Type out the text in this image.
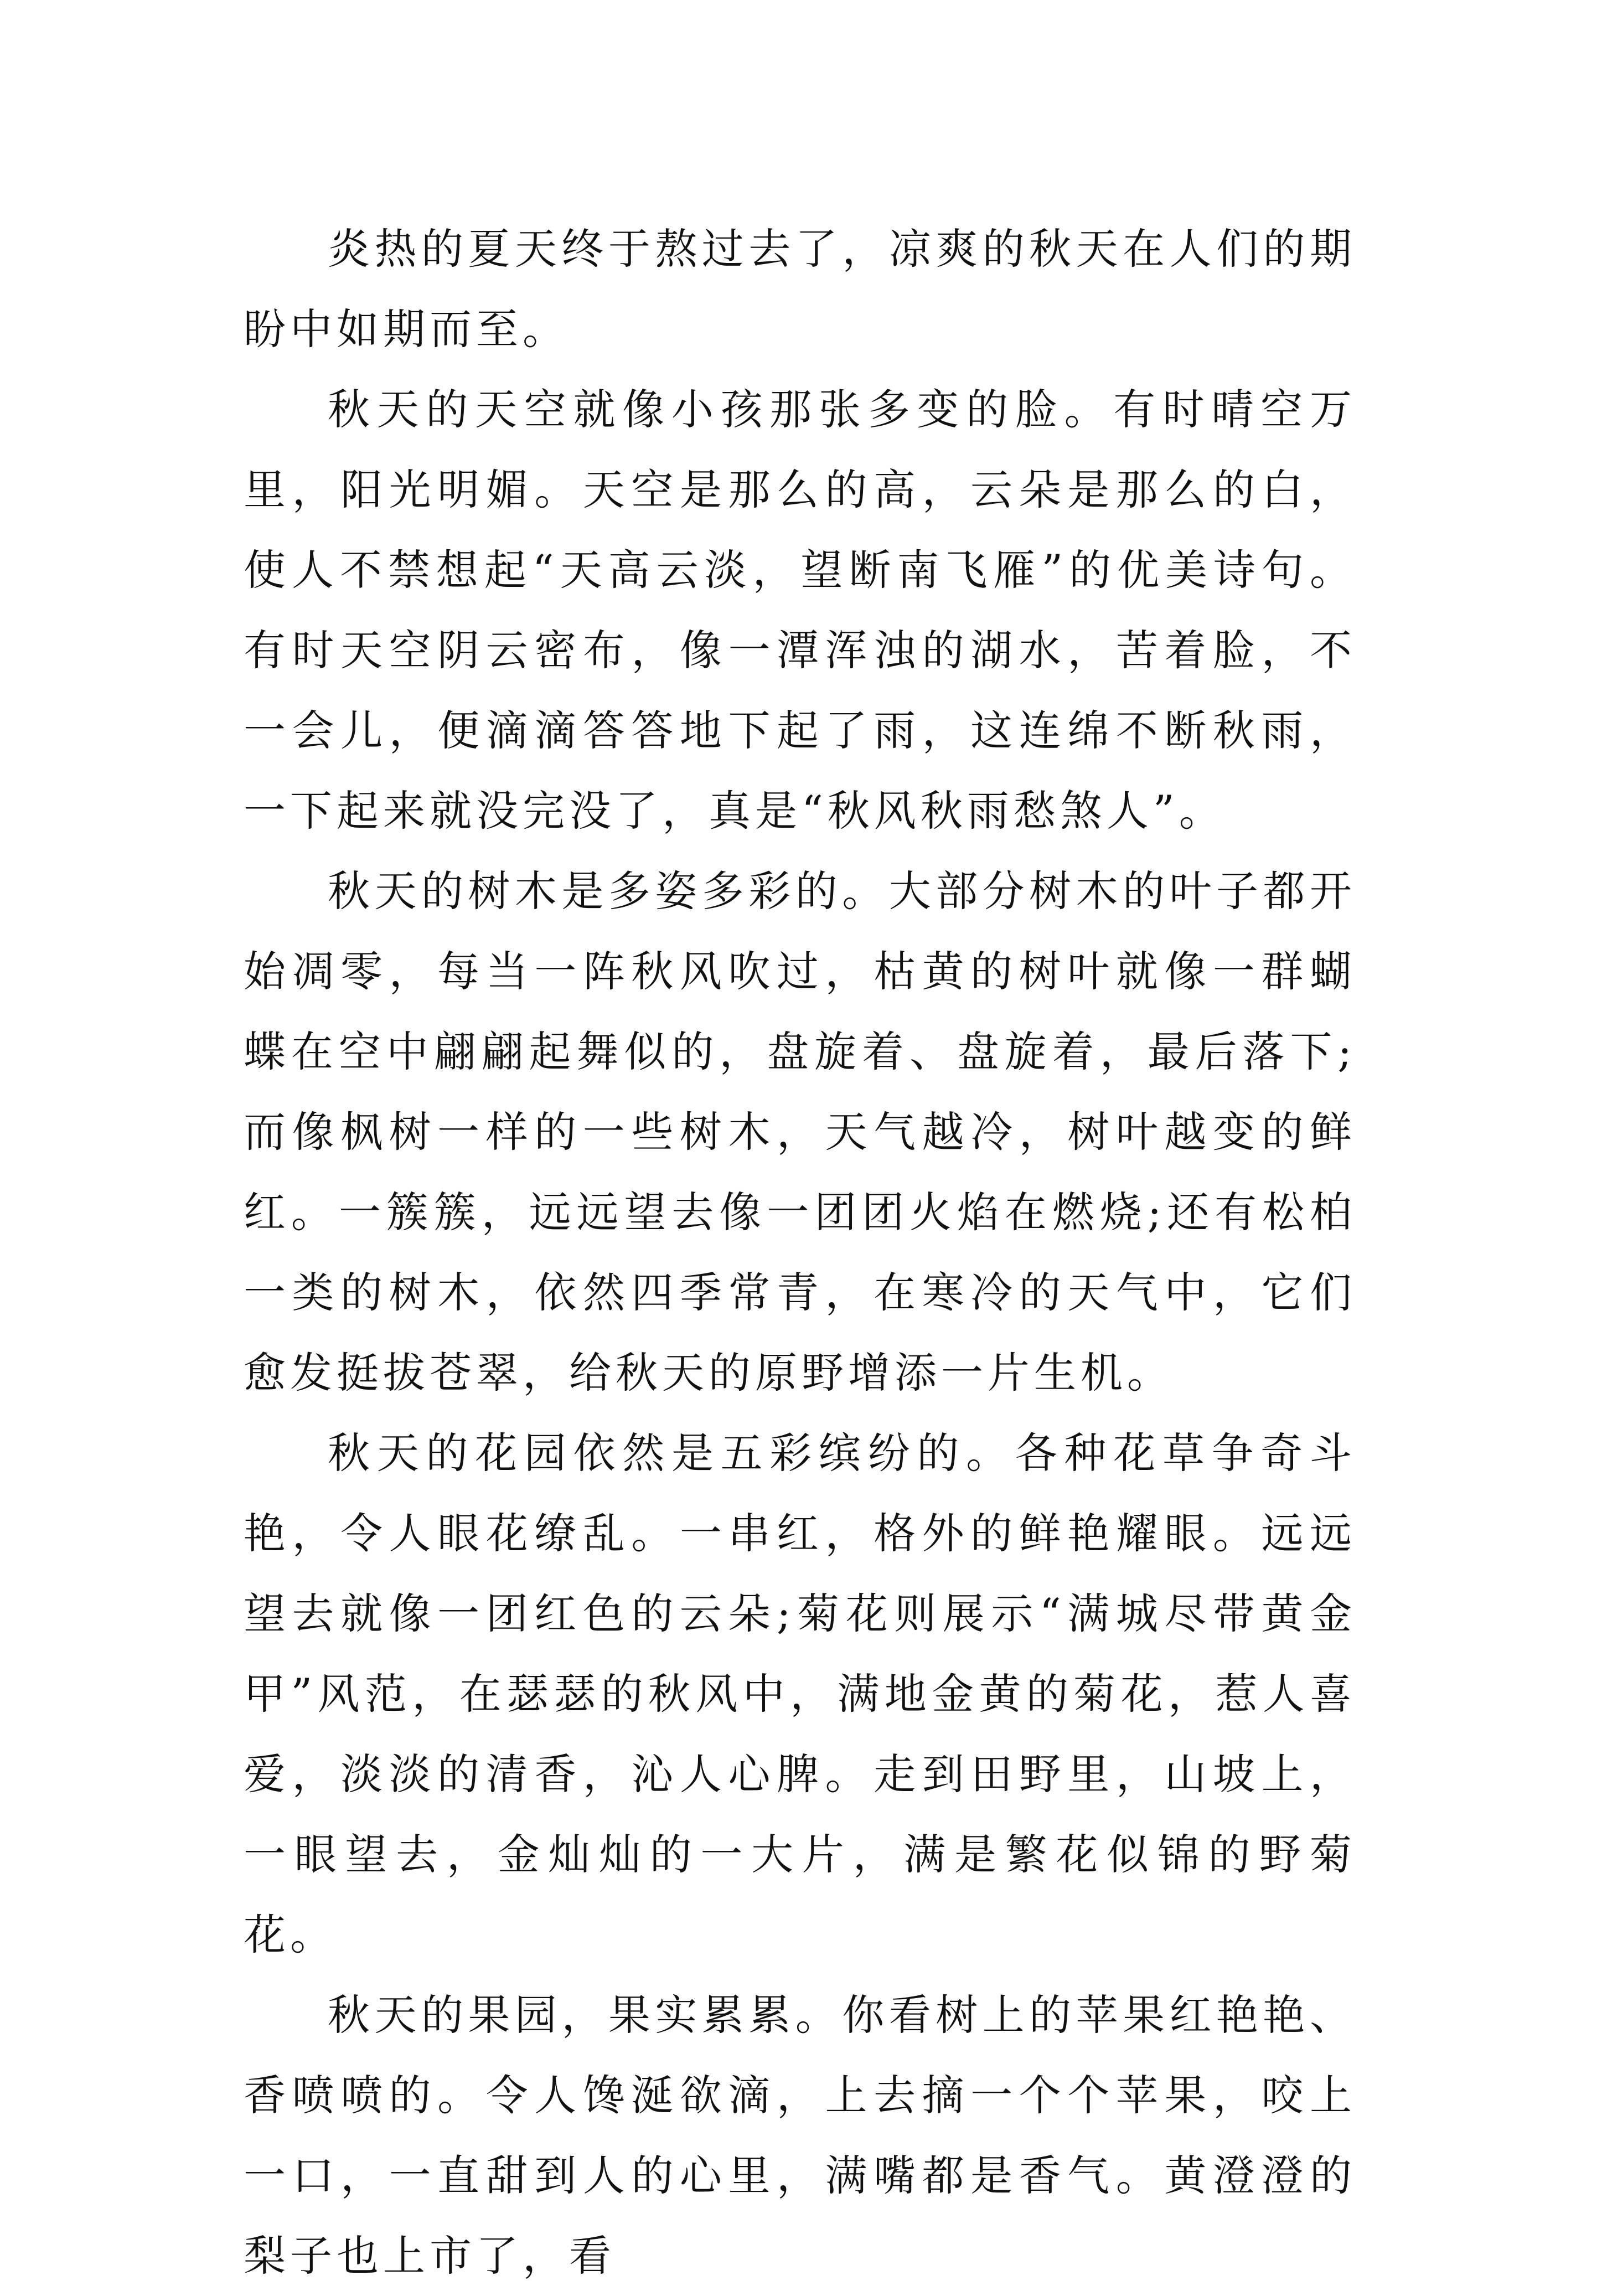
炎热的夏天终于熬过去了，凉爽的秋天在人们的期盼中如期而至。

秋天的天空就像小孩那张多变的脸。有时晴空万里，阳光明媚。天空是那么的高，云朵是那么的白，使人不禁想起“天高云淡，望断南飞雁”的优美诗句。有时天空阴云密布，像一潭浑浊的湖水，苦着脸，不一会儿，便滴滴答答地下起了雨，这连绵不断秋雨，一下起来就没完没了，真是“秋风秋雨愁煞人”。

秋天的树木是多姿多彩的。大部分树木的叶子都开始凋零，每当一阵秋风吹过，枯黄的树叶就像一群蝴蝶在空中翩翩起舞似的，盘旋着、盘旋着，最后落下;而像枫树一样的一些树木，天气越冷，树叶越变的鲜红。一簇簇，远远望去像一团团火焰在燃烧;还有松柏一类的树木，依然四季常青，在寒冷的天气中，它们愈发挺拔苍翠，给秋天的原野增添一片生机。

秋天的花园依然是五彩缤纷的。各种花草争奇斗艳，令人眼花缭乱。一串红，格外的鲜艳耀眼。远远望去就像一团红色的云朵;菊花则展示“满城尽带黄金甲”风范，在瑟瑟的秋风中，满地金黄的菊花，惹人喜爱，淡淡的清香，沁人心脾。走到田野里，山坡上，一眼望去，金灿灿的一大片，满是繁花似锦的野菊花。

秋天的果园，果实累累。你看树上的苹果红艳艳、香喷喷的。令人馋涎欲滴，上去摘一个个苹果，咬上一口，一直甜到人的心里，满嘴都是香气。黄澄澄的梨子也上市了，看
